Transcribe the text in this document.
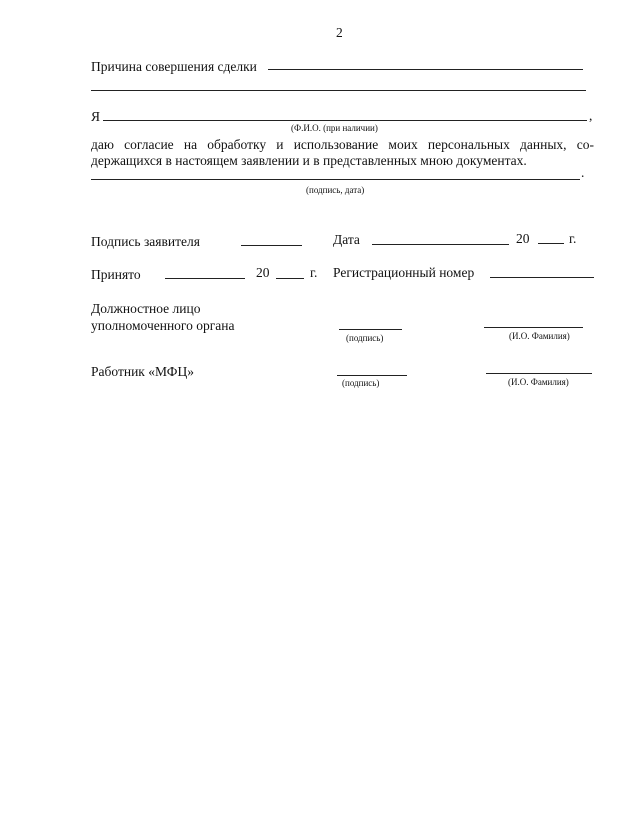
2
Причина совершения сделки
Я	,
(Ф.И.О. (при наличии)
даю согласие на обработку и использование моих персональных данных, со-
держащихся в настоящем заявлении и в представленных мною документах.
.
(подпись, дата)
Подпись заявителя	Дата	20	г.
Принято	20	г. Регистрационный номер
Должностное лицо
уполномоченного органа
(подпись)	(И.О. Фамилия)
Работник «МФЦ»
(подпись)	(И.О. Фамилия)
